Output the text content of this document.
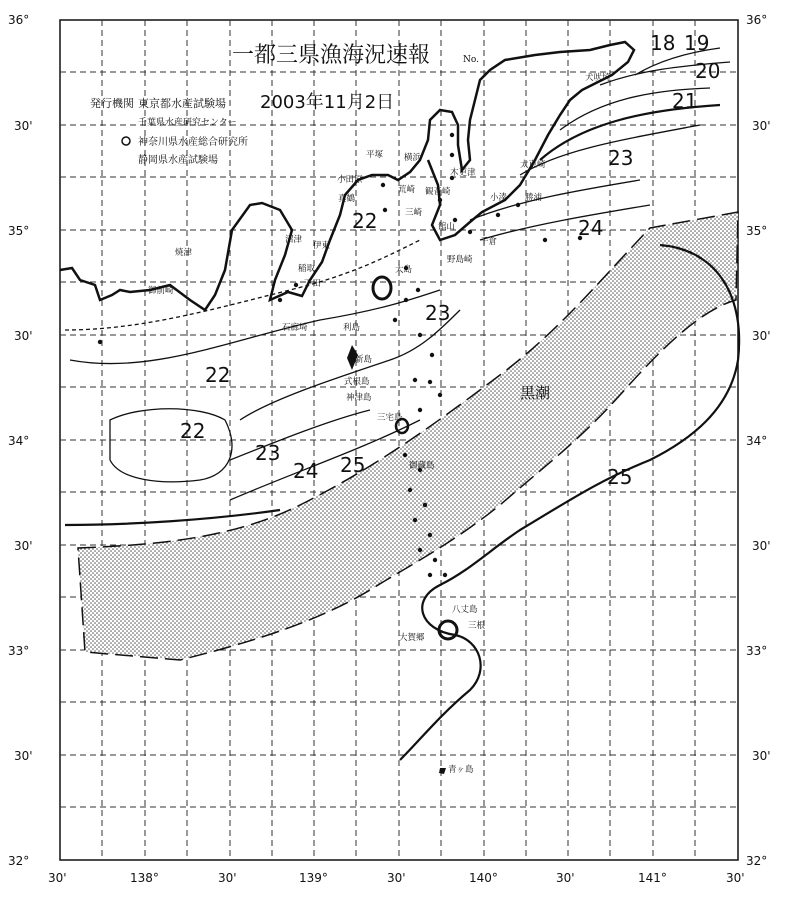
一都三県漁海況速報	No.
発行機関 東京都水産試験場 2003年11月2日
千葉県水産研究センター
神奈川県水産総合研究所
静岡県水産試験場
18 19
20
21
23
24
22
23
22
22
23
24 25	25
黒潮
犬吠埼
太東崎
小湊 勝浦
平塚 横浜
木更津
小田原
真鶴
観音崎
荒崎
三崎
館山
千倉
野島崎
沼津
伊東
焼津
稲取
下田
御前崎
石廊埼
大島
利島
新島
式根島
神津島
三宅島
御蔵島
八丈島
三根
大賀郷
青ヶ島
36°
30'
35°
30'
34°
30'
33°
30'
32°
36°
30'
35°
30'
34°
30'
33°
30'
32°
30'	138°	30'	139°	30'	140°	30'	141°	30'
